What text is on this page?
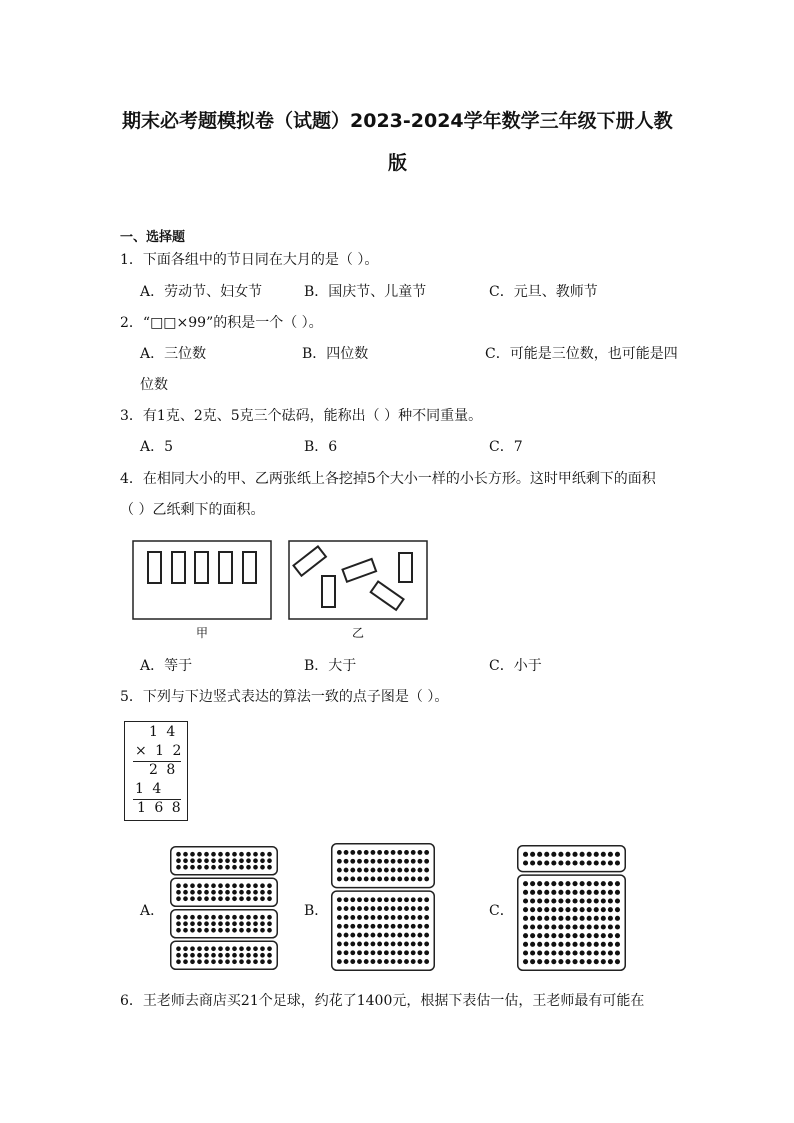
期末必考题模拟卷（试题）2023-2024学年数学三年级下册人教
版
一、选择题
1．下面各组中的节日同在大月的是（ ）。
A．劳动节、妇女节	B．国庆节、儿童节	C．元旦、教师节
2．“□□×99”的积是一个（ ）。
A．三位数	B．四位数	C．可能是三位数，也可能是四
位数
3．有1克、2克、5克三个砝码，能称出（ ）种不同重量。
A．5	B．6	C．7
4．在相同大小的甲、乙两张纸上各挖掉5个大小一样的小长方形。这时甲纸剩下的面积
（ ）乙纸剩下的面积。
甲	乙
A．等于	B．大于	C．小于
5．下列与下边竖式表达的算法一致的点子图是（ ）。
1 4
× 1 2
2 8
1 4
1 6 8
A．	B．	C．
6．王老师去商店买21个足球，约花了1400元，根据下表估一估，王老师最有可能在
